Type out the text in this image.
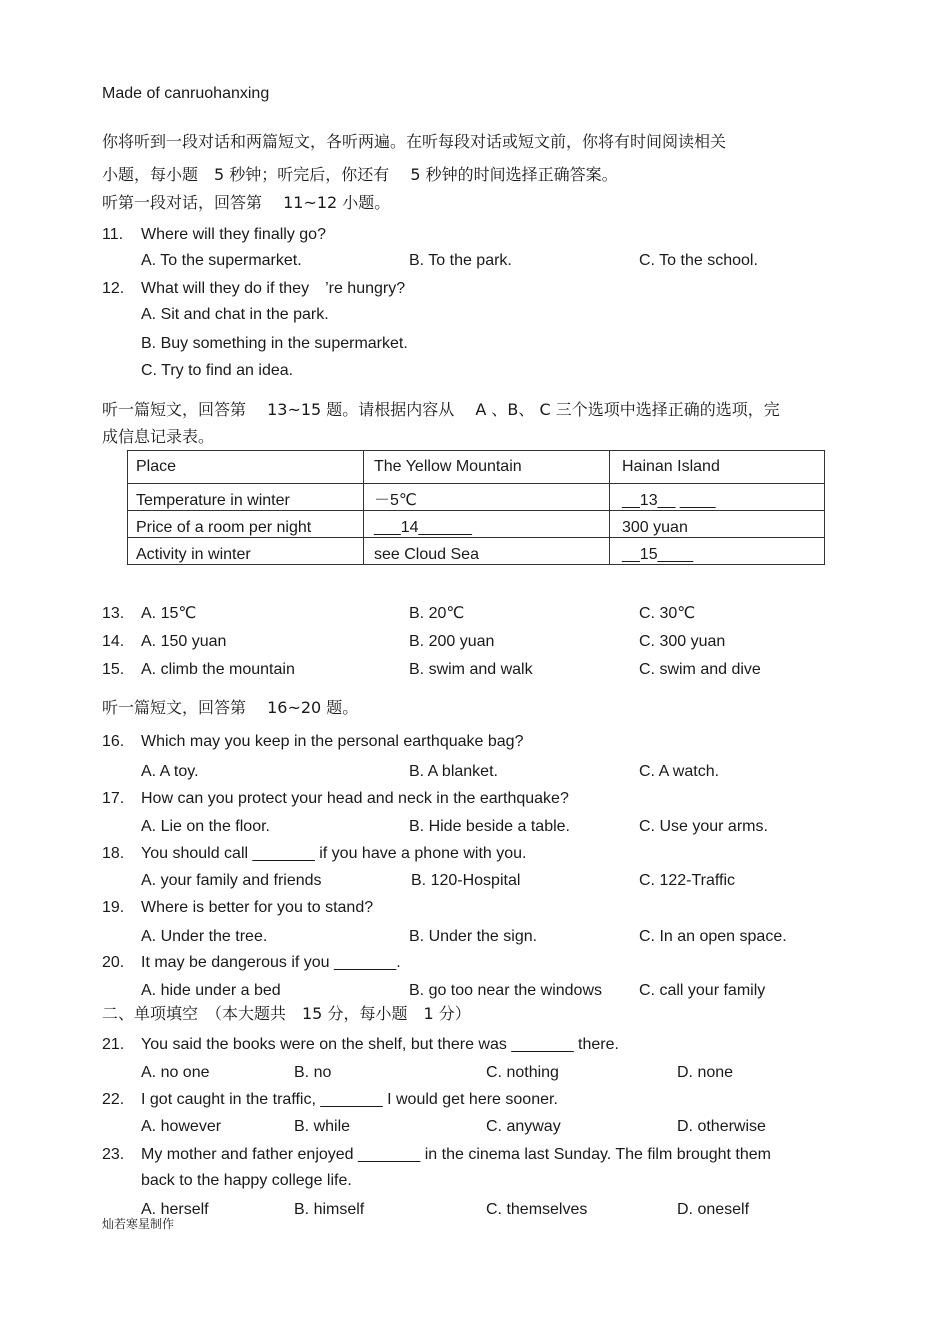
Made of canruohanxing
你将听到一段对话和两篇短文，各听两遍。在听每段对话或短文前，你将有时间阅读相关
小题，每小题　5 秒钟；听完后，你还有　 5 秒钟的时间选择正确答案。
听第一段对话，回答第　 11~12 小题。
11. Where will they finally go?
A. To the supermarket.	B. To the park.	C. To the school.
12. What will they do if they　’re hungry?
A. Sit and chat in the park.
B. Buy something in the supermarket.
C. Try to find an idea.
听一篇短文，回答第　 13~15 题。请根据内容从　 A 、B、 C 三个选项中选择正确的选项，完
成信息记录表。
Place	The Yellow Mountain	Hainan Island
Temperature in winter	－5℃	__13__ ____
Price of a room per night	___14______	300 yuan
Activity in winter	see Cloud Sea	__15____
13. A. 15℃	B. 20℃	C. 30℃
14. A. 150 yuan	B. 200 yuan	C. 300 yuan
15. A. climb the mountain	B. swim and walk	C. swim and dive
听一篇短文，回答第　 16~20 题。
16. Which may you keep in the personal earthquake bag?
A. A toy.	B. A blanket.	C. A watch.
17. How can you protect your head and neck in the earthquake?
A. Lie on the floor.	B. Hide beside a table.	C. Use your arms.
18. You should call _______ if you have a phone with you.
A. your family and friends	B. 120-Hospital	C. 122-Traffic
19. Where is better for you to stand?
A. Under the tree.	B. Under the sign.	C. In an open space.
20. It may be dangerous if you _______.
A. hide under a bed	B. go too near the windows C. call your family
二、单项填空　（本大题共　15 分，每小题　1 分）
21. You said the books were on the shelf, but there was _______ there.
A. no one	B. no	C. nothing	D. none
22. I got caught in the traffic, _______ I would get here sooner.
A. however	B. while	C. anyway	D. otherwise
23. My mother and father enjoyed _______ in the cinema last Sunday. The film brought them
back to the happy college life.
A. herself	B. himself	C. themselves	D. oneself
灿若寒星制作
